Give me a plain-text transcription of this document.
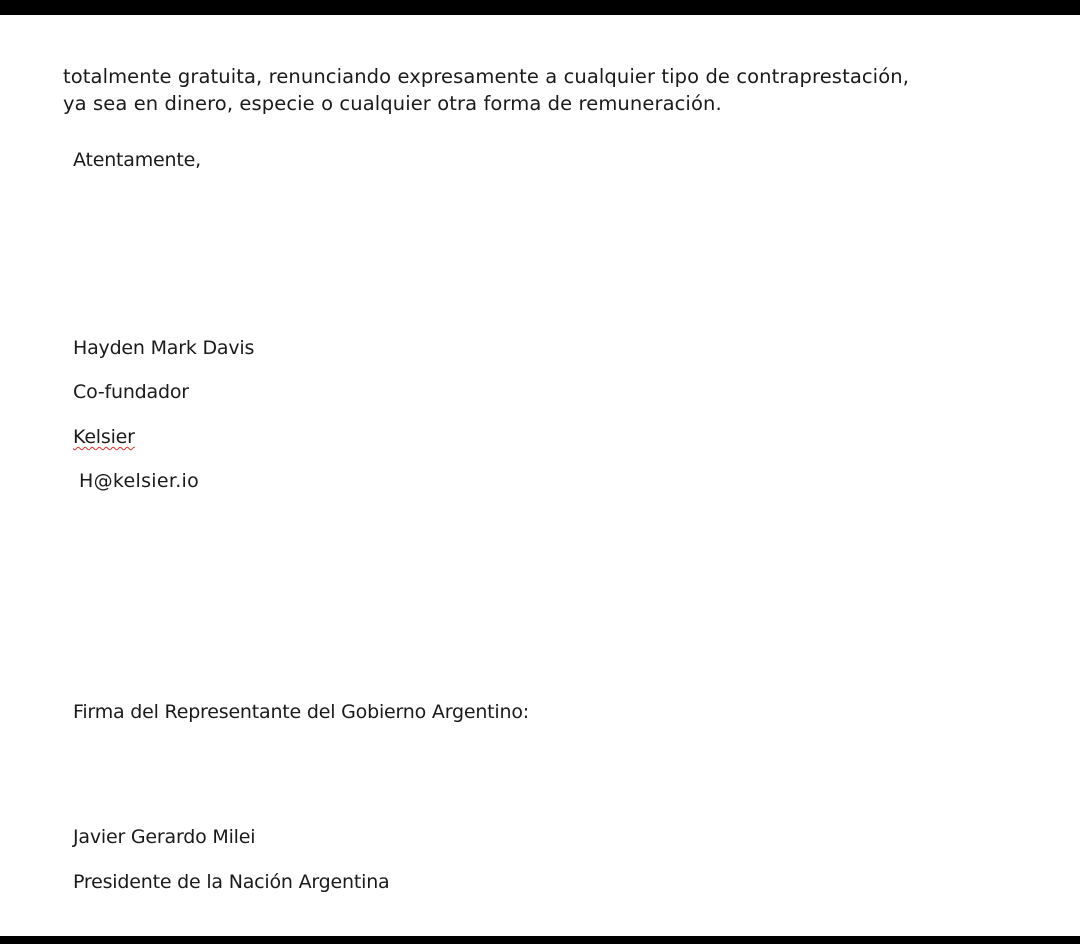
totalmente gratuita, renunciando expresamente a cualquier tipo de contraprestación,
ya sea en dinero, especie o cualquier otra forma de remuneración.
Atentamente,
Hayden Mark Davis
Co-fundador
Kelsier
H@kelsier.io
Firma del Representante del Gobierno Argentino:
Javier Gerardo Milei
Presidente de la Nación Argentina
